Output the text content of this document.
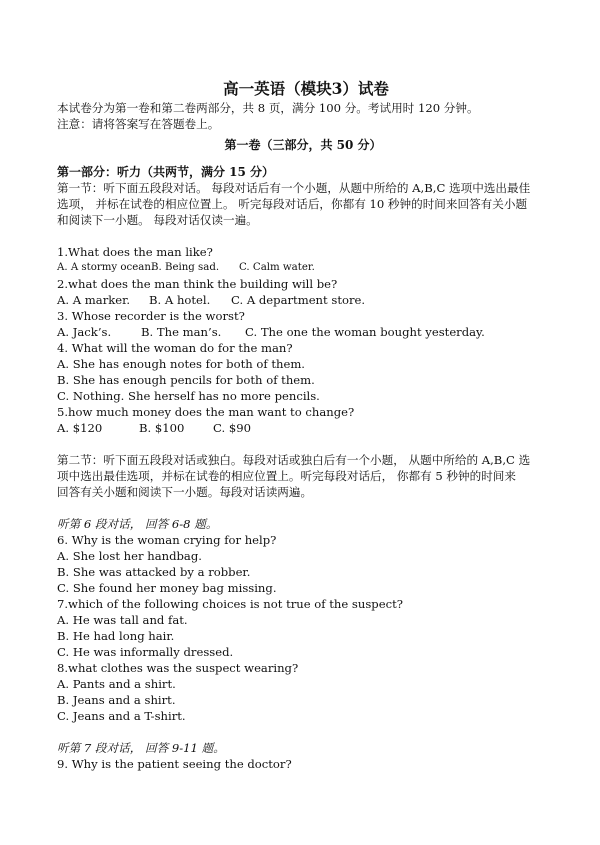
高一英语（模块3）试卷
本试卷分为第一卷和第二卷两部分，共 8 页，满分 100 分。考试用时 120 分钟。
注意：请将答案写在答题卷上。
第一卷（三部分，共 50 分）
第一部分：听力（共两节，满分 15 分）
第一节：听下面五段段对话。 每段对话后有一个小题，从题中所给的 A,B,C 选项中选出最佳
选项， 并标在试卷的相应位置上。 听完每段对话后，你都有 10 秒钟的时间来回答有关小题
和阅读下一小题。 每段对话仅读一遍。
1.What does the man like?
A. A stormy ocean.
B. Being sad.	C. Calm water.
2.what does the man think the building will be?
A. A marker.	B. A hotel.	C. A department store.
3. Whose recorder is the worst?
A. Jack’s.	B. The man’s.	C. The one the woman bought yesterday.
4. What will the woman do for the man?
A. She has enough notes for both of them.
B. She has enough pencils for both of them.
C. Nothing. She herself has no more pencils.
5.how much money does the man want to change?
A. $120	B. $100	C. $90
第二节：听下面五段段对话或独白。每段对话或独白后有一个小题， 从题中所给的 A,B,C 选
项中选出最佳选项，并标在试卷的相应位置上。听完每段对话后， 你都有 5 秒钟的时间来
回答有关小题和阅读下一小题。每段对话读两遍。
听第 6 段对话， 回答 6-8 题。
6. Why is the woman crying for help?
A. She lost her handbag.
B. She was attacked by a robber.
C. She found her money bag missing.
7.which of the following choices is not true of the suspect?
A. He was tall and fat.
B. He had long hair.
C. He was informally dressed.
8.what clothes was the suspect wearing?
A. Pants and a shirt.
B. Jeans and a shirt.
C. Jeans and a T-shirt.
听第 7 段对话， 回答 9-11 题。
9. Why is the patient seeing the doctor?
